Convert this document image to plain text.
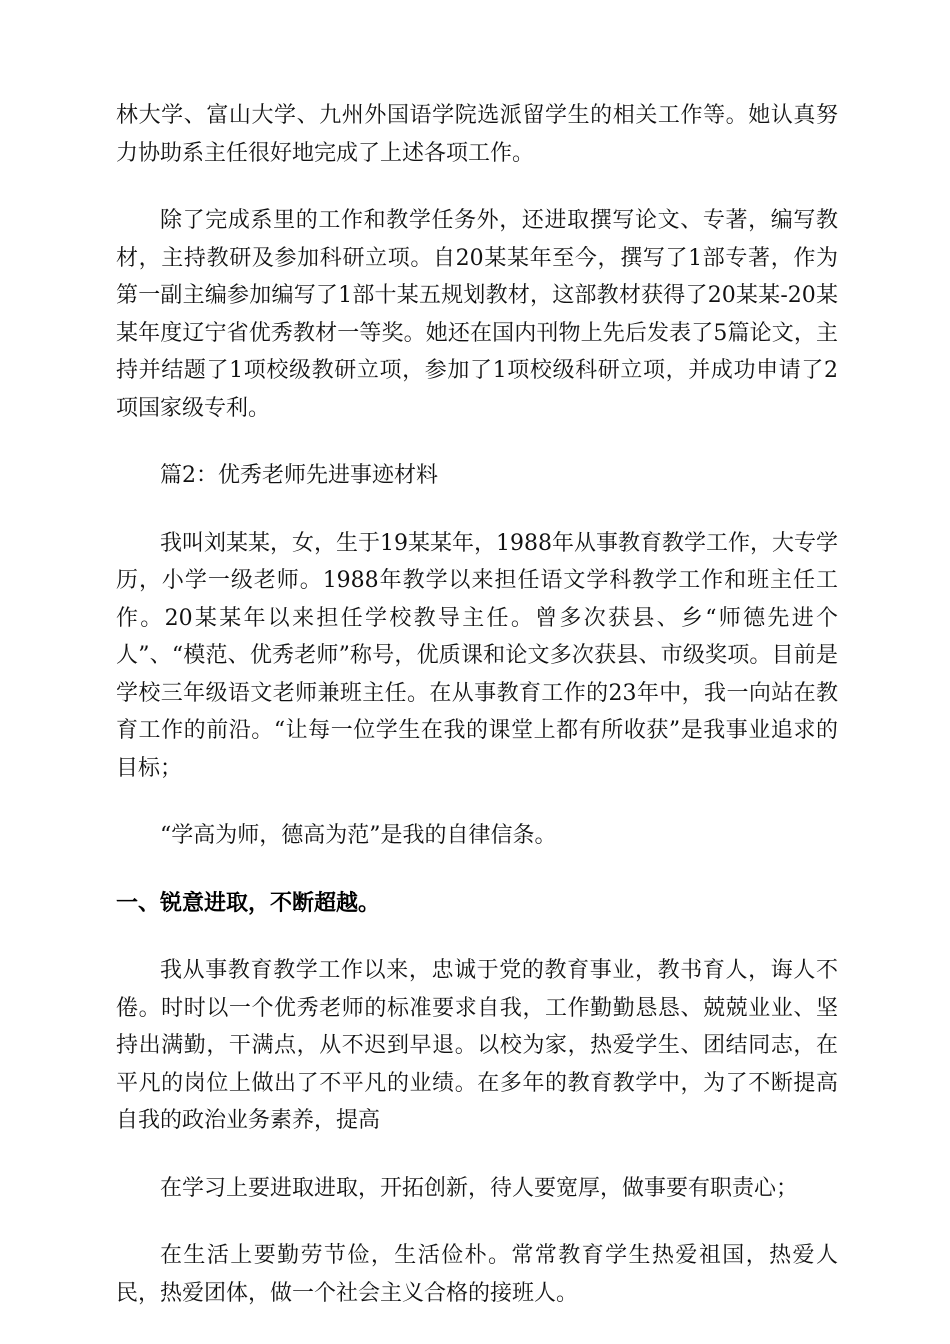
林大学、富山大学、九州外国语学院选派留学生的相关工作等。她认真努力协助系主任很好地完成了上述各项工作。

除了完成系里的工作和教学任务外，还进取撰写论文、专著，编写教材，主持教研及参加科研立项。自20某某年至今，撰写了1部专著，作为第一副主编参加编写了1部十某五规划教材，这部教材获得了20某某-20某某年度辽宁省优秀教材一等奖。她还在国内刊物上先后发表了5篇论文，主持并结题了1项校级教研立项，参加了1项校级科研立项，并成功申请了2项国家级专利。

篇2：优秀老师先进事迹材料

我叫刘某某，女，生于19某某年，1988年从事教育教学工作，大专学历，小学一级老师。1988年教学以来担任语文学科教学工作和班主任工作。20某某年以来担任学校教导主任。曾多次获县、乡“师德先进个人”、“模范、优秀老师”称号，优质课和论文多次获县、市级奖项。目前是学校三年级语文老师兼班主任。在从事教育工作的23年中，我一向站在教育工作的前沿。“让每一位学生在我的课堂上都有所收获”是我事业追求的目标；

“学高为师，德高为范”是我的自律信条。

一、锐意进取，不断超越。

我从事教育教学工作以来，忠诚于党的教育事业，教书育人，诲人不倦。时时以一个优秀老师的标准要求自我，工作勤勤恳恳、兢兢业业、坚持出满勤，干满点，从不迟到早退。以校为家，热爱学生、团结同志，在平凡的岗位上做出了不平凡的业绩。在多年的教育教学中，为了不断提高自我的政治业务素养，提高

在学习上要进取进取，开拓创新，待人要宽厚，做事要有职责心；

在生活上要勤劳节俭，生活俭朴。常常教育学生热爱祖国，热爱人民，热爱团体，做一个社会主义合格的接班人。
